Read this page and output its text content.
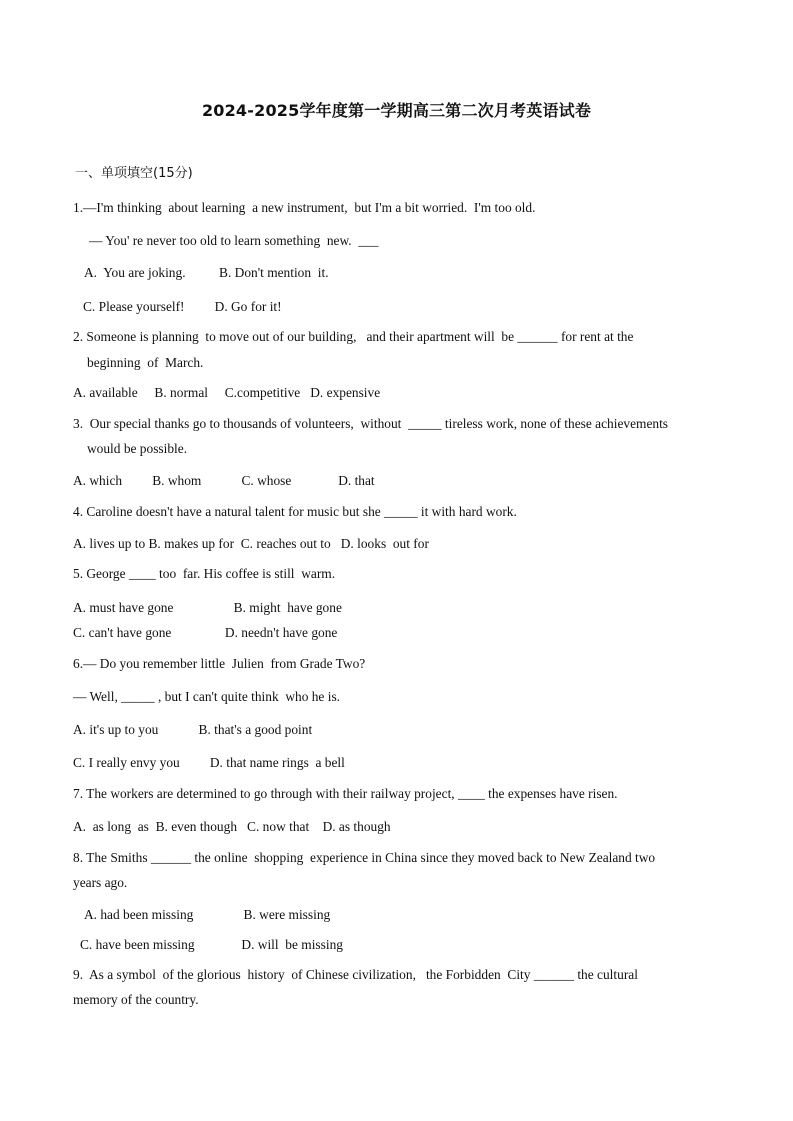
2024-2025学年度第一学期高三第二次月考英语试卷
一、单项填空(15分)
1.—I'm thinking  about learning  a new instrument,  but I'm a bit worried.  I'm too old.
— You' re never too old to learn something  new.  ___
A.  You are joking.          B. Don't mention  it.
C. Please yourself!         D. Go for it!
2. Someone is planning  to move out of our building,   and their apartment will  be ______ for rent at the
beginning  of  March.
A. available     B. normal     C.competitive   D. expensive
3.  Our special thanks go to thousands of volunteers,  without  _____ tireless work, none of these achievements
would be possible.
A. which         B. whom            C. whose              D. that
4. Caroline doesn't have a natural talent for music but she _____ it with hard work.
A. lives up to B. makes up for  C. reaches out to   D. looks  out for
5. George ____ too  far. His coffee is still  warm.
A. must have gone                  B. might  have gone
C. can't have gone                D. needn't have gone
6.— Do you remember little  Julien  from Grade Two?
— Well, _____ , but I can't quite think  who he is.
A. it's up to you            B. that's a good point
C. I really envy you         D. that name rings  a bell
7. The workers are determined to go through with their railway project, ____ the expenses have risen.
A.  as long  as  B. even though   C. now that    D. as though
8. The Smiths ______ the online  shopping  experience in China since they moved back to New Zealand two
years ago.
A. had been missing               B. were missing
C. have been missing              D. will  be missing
9.  As a symbol  of the glorious  history  of Chinese civilization,   the Forbidden  City ______ the cultural
memory of the country.
